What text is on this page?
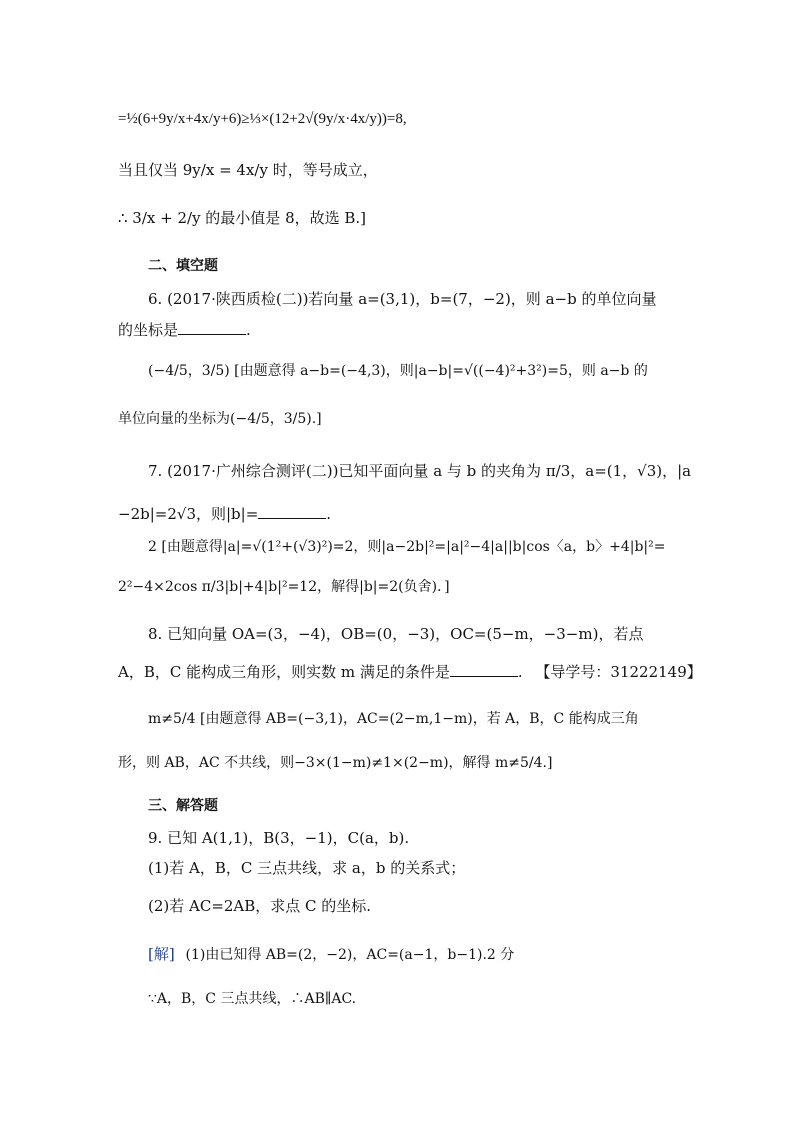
=½(6+9y/x+4x/y+6)≥⅓×(12+2√(9y/x·4x/y))=8,
当且仅当 9y/x = 4x/y 时，等号成立，
∴ 3/x + 2/y 的最小值是 8，故选 B.]
二、填空题
6. (2017·陕西质检(二))若向量 a=(3,1)，b=(7，−2)，则 a−b 的单位向量
的坐标是	.
(−4/5，3/5) [由题意得 a−b=(−4,3)，则|a−b|=√((−4)²+3²)=5，则 a−b 的
单位向量的坐标为(−4/5，3/5).]
7. (2017·广州综合测评(二))已知平面向量 a 与 b 的夹角为 π/3，a=(1，√3)，|a
−2b|=2√3，则|b|=	.
2 [由题意得|a|=√(1²+(√3)²)=2，则|a−2b|²=|a|²−4|a||b|cos〈a，b〉+4|b|²=
2²−4×2cos π/3|b|+4|b|²=12，解得|b|=2(负舍)．]
8. 已知向量 OA=(3，−4)，OB=(0，−3)，OC=(5−m，−3−m)，若点
A，B，C 能构成三角形，则实数 m 满足的条件是	. 【导学号：31222149】
m≠5/4 [由题意得 AB=(−3,1)，AC=(2−m,1−m)，若 A，B，C 能构成三角
形，则 AB，AC 不共线，则−3×(1−m)≠1×(2−m)，解得 m≠5/4.]
三、解答题
9. 已知 A(1,1)，B(3，−1)，C(a，b).
(1)若 A，B，C 三点共线，求 a，b 的关系式；
(2)若 AC=2AB，求点 C 的坐标.
[解] (1)由已知得 AB=(2，−2)，AC=(a−1，b−1).2 分
∵A，B，C 三点共线，∴AB∥AC.
